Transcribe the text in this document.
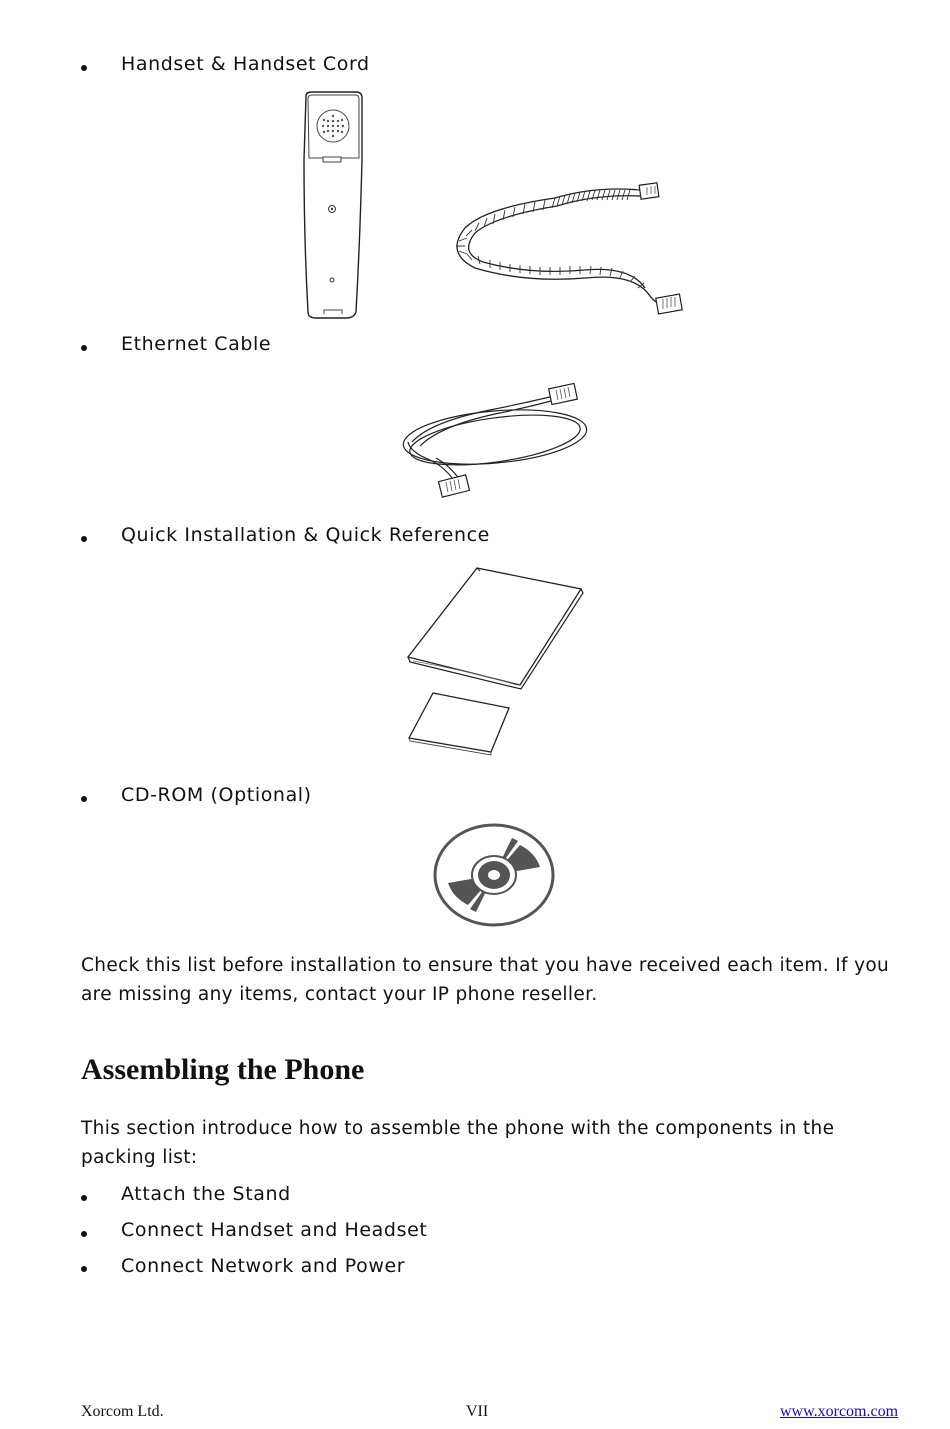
Handset & Handset Cord
Ethernet Cable
Quick Installation & Quick Reference
CD-ROM (Optional)
Check this list before installation to ensure that you have received each item. If you are missing any items, contact your IP phone reseller.
Assembling the Phone
This section introduce how to assemble the phone with the components in the packing list:
Attach the Stand
Connect Handset and Headset
Connect Network and Power
Xorcom Ltd.	VII	www.xorcom.com
